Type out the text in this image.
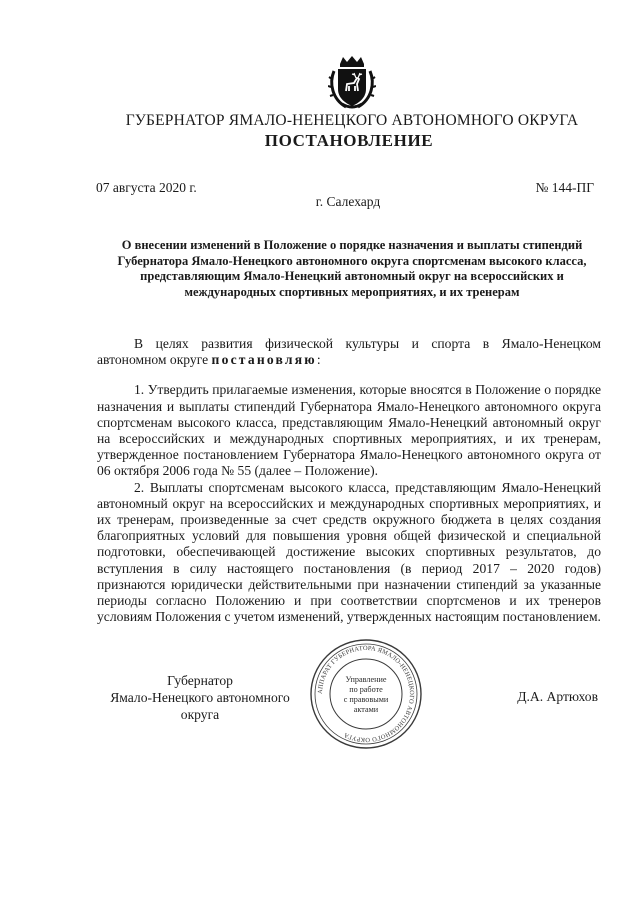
ГУБЕРНАТОР ЯМАЛО-НЕНЕЦКОГО АВТОНОМНОГО ОКРУГА
ПОСТАНОВЛЕНИЕ
07 августа 2020 г.	№ 144-ПГ
г. Салехард
О внесении изменений в Положение о порядке назначения и выплаты стипендий Губернатора Ямало-Ненецкого автономного округа спортсменам высокого класса, представляющим Ямало-Ненецкий автономный округ на всероссийских и международных спортивных мероприятиях, и их тренерам

В целях развития физической культуры и спорта в Ямало-Ненецком автономном округе постановляю:

1. Утвердить прилагаемые изменения, которые вносятся в Положение о порядке назначения и выплаты стипендий Губернатора Ямало-Ненецкого автономного округа спортсменам высокого класса, представляющим Ямало-Ненецкий автономный округ на всероссийских и международных спортивных мероприятиях, и их тренерам, утвержденное постановлением Губернатора Ямало-Ненецкого автономного округа от 06 октября 2006 года № 55 (далее – Положение).

2. Выплаты спортсменам высокого класса, представляющим Ямало-Ненецкий автономный округ на всероссийских и международных спортивных мероприятиях, и их тренерам, произведенные за счет средств окружного бюджета в целях создания благоприятных условий для повышения уровня общей физической и специальной подготовки, обеспечивающей достижение высоких спортивных результатов, до вступления в силу настоящего постановления (в период 2017 – 2020 годов) признаются юридически действительными при назначении стипендий за указанные периоды согласно Положению и при соответствии спортсменов и их тренеров условиям Положения с учетом изменений, утвержденных настоящим постановлением.

Губернатор
Ямало-Ненецкого автономного округа
Д.А. Артюхов
АППАРАТ ГУБЕРНАТОРА ЯМАЛО-НЕНЕЦКОГО АВТОНОМНОГО ОКРУГА
Управление
по работе
с правовыми
актами
